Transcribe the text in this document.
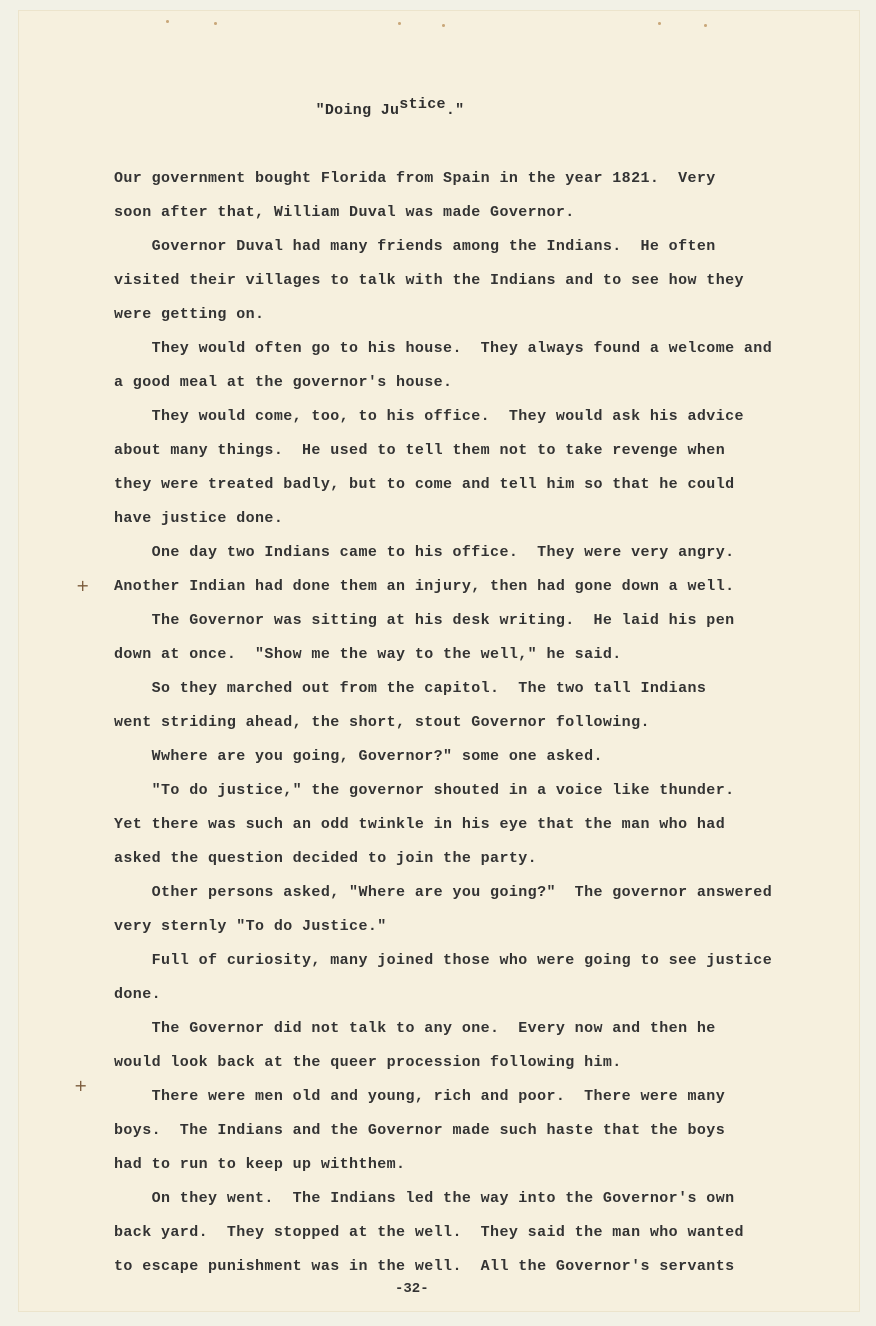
"Doing Justice."
Our government bought Florida from Spain in the year 1821.  Very
soon after that, William Duval was made Governor.
Governor Duval had many friends among the Indians.  He often
visited their villages to talk with the Indians and to see how they
were getting on.
They would often go to his house.  They always found a welcome and
a good meal at the governor's house.
They would come, too, to his office.  They would ask his advice
about many things.  He used to tell them not to take revenge when
they were treated badly, but to come and tell him so that he could
have justice done.
One day two Indians came to his office.  They were very angry.
Another Indian had done them an injury, then had gone down a well.
The Governor was sitting at his desk writing.  He laid his pen
down at once.  "Show me the way to the well," he said.
So they marched out from the capitol.  The two tall Indians
went striding ahead, the short, stout Governor following.
Wwhere are you going, Governor?" some one asked.
"To do justice," the governor shouted in a voice like thunder.
Yet there was such an odd twinkle in his eye that the man who had
asked the question decided to join the party.
Other persons asked, "Where are you going?"  The governor answered
very sternly "To do Justice."
Full of curiosity, many joined those who were going to see justice
done.
The Governor did not talk to any one.  Every now and then he
would look back at the queer procession following him.
There were men old and young, rich and poor.  There were many
boys.  The Indians and the Governor made such haste that the boys
had to run to keep up withthem.
On they went.  The Indians led the way into the Governor's own
back yard.  They stopped at the well.  They said the man who wanted
to escape punishment was in the well.  All the Governor's servants
+
+
-32-
